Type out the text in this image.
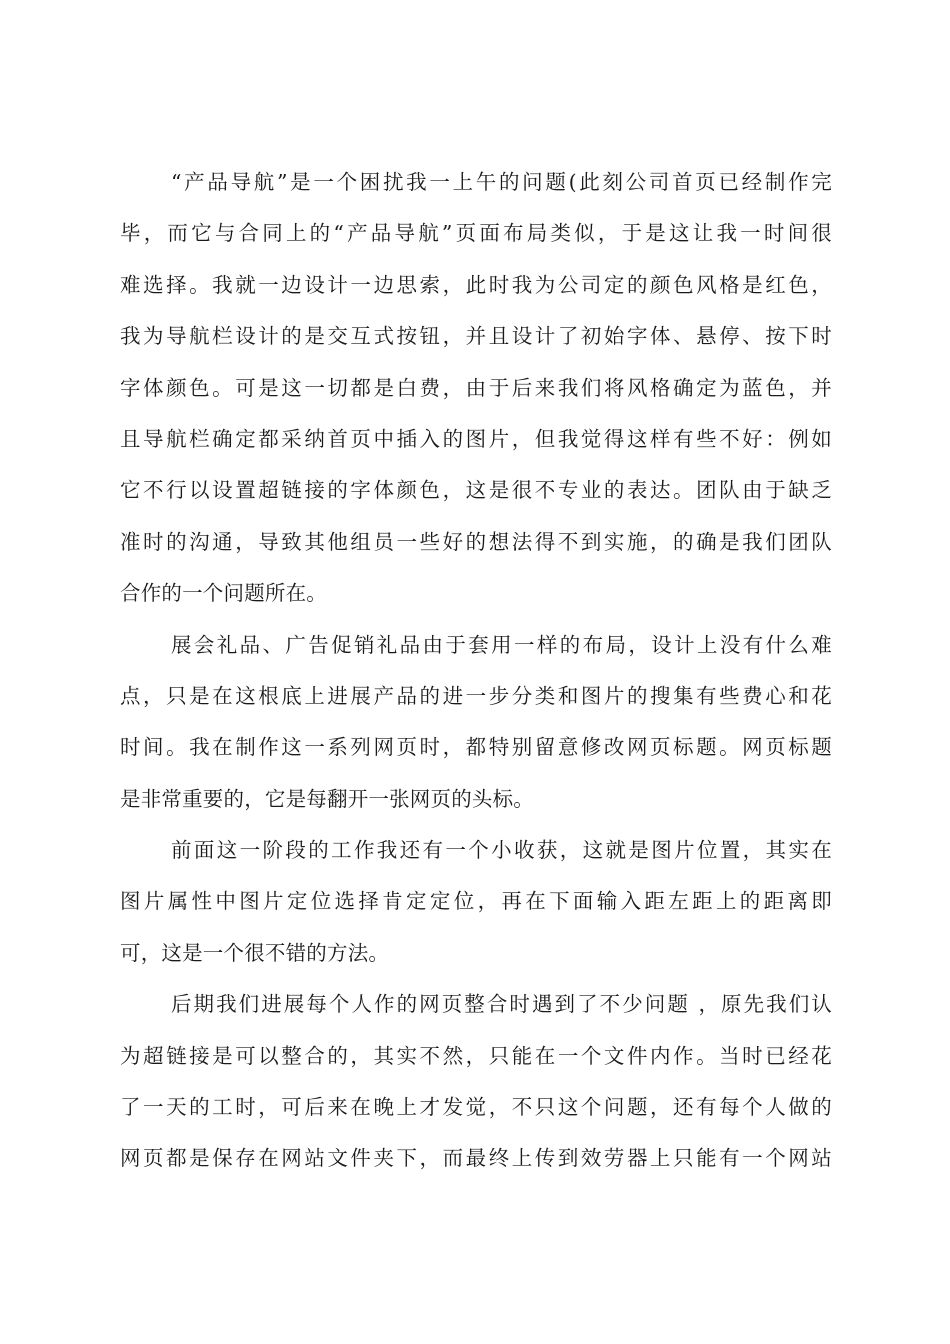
“产品导航”是一个困扰我一上午的问题(此刻公司首页已经制作完
毕，而它与合同上的“产品导航”页面布局类似，于是这让我一时间很
难选择。我就一边设计一边思索，此时我为公司定的颜色风格是红色，
我为导航栏设计的是交互式按钮，并且设计了初始字体、悬停、按下时
字体颜色。可是这一切都是白费，由于后来我们将风格确定为蓝色，并
且导航栏确定都采纳首页中插入的图片，但我觉得这样有些不好：例如
它不行以设置超链接的字体颜色，这是很不专业的表达。团队由于缺乏
准时的沟通，导致其他组员一些好的想法得不到实施，的确是我们团队
合作的一个问题所在。
展会礼品、广告促销礼品由于套用一样的布局，设计上没有什么难
点，只是在这根底上进展产品的进一步分类和图片的搜集有些费心和花
时间。我在制作这一系列网页时，都特别留意修改网页标题。网页标题
是非常重要的，它是每翻开一张网页的头标。
前面这一阶段的工作我还有一个小收获，这就是图片位置，其实在
图片属性中图片定位选择肯定定位，再在下面输入距左距上的距离即
可，这是一个很不错的方法。
后期我们进展每个人作的网页整合时遇到了不少问题 ，原先我们认
为超链接是可以整合的，其实不然，只能在一个文件内作。当时已经花
了一天的工时，可后来在晚上才发觉，不只这个问题，还有每个人做的
网页都是保存在网站文件夹下，而最终上传到效劳器上只能有一个网站
